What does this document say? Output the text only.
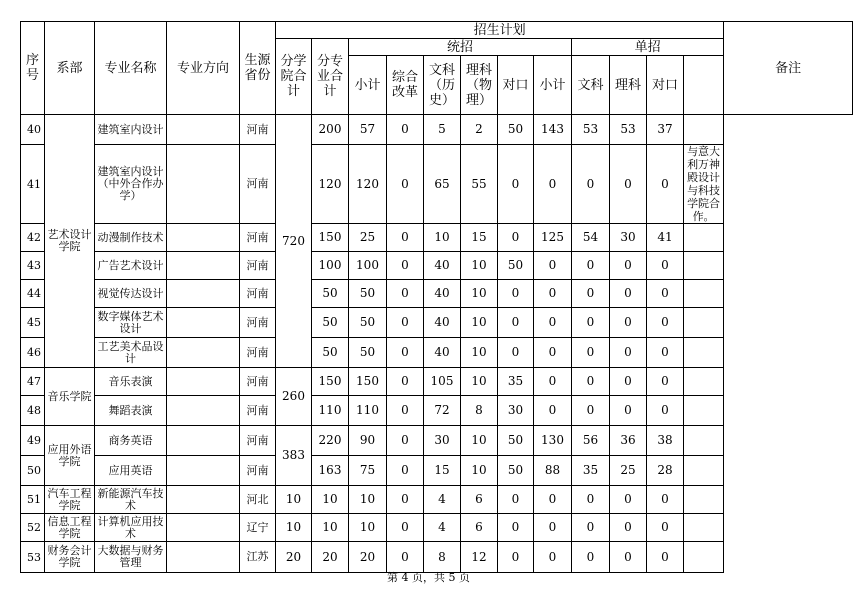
序号	系部	专业名称	专业方向	生源省份	招生计划												备注
					分学院合计	分专业合计	统招						单招				
							小计	综合改革	文科（历史）	理科（物理）	对口	小计	文科	理科	对口		
40	艺术设计学院	建筑室内设计		河南	720	200	57	0	5	2	50	143	53	53	37		
41		建筑室内设计（中外合作办学）		河南		120	120	0	65	55	0	0	0	0	0	与意大利万神殿设计与科技学院合作。	
42		动漫制作技术		河南		150	25	0	10	15	0	125	54	30	41		
43		广告艺术设计		河南		100	100	0	40	10	50	0	0	0	0		
44		视觉传达设计		河南		50	50	0	40	10	0	0	0	0	0		
45		数字媒体艺术设计		河南		50	50	0	40	10	0	0	0	0	0		
46		工艺美术品设计		河南		50	50	0	40	10	0	0	0	0	0		
47	音乐学院	音乐表演		河南	260	150	150	0	105	10	35	0	0	0	0		
48		舞蹈表演		河南		110	110	0	72	8	30	0	0	0	0		
49	应用外语学院	商务英语		河南	383	220	90	0	30	10	50	130	56	36	38		
50		应用英语		河南		163	75	0	15	10	50	88	35	25	28		
51	汽车工程学院	新能源汽车技术		河北	10	10	10	0	4	6	0	0	0	0	0		
52	信息工程学院	计算机应用技术		辽宁	10	10	10	0	4	6	0	0	0	0	0		
53	财务会计学院	大数据与财务管理		江苏	20	20	20	0	8	12	0	0	0	0	0		
第 4 页，共 5 页
